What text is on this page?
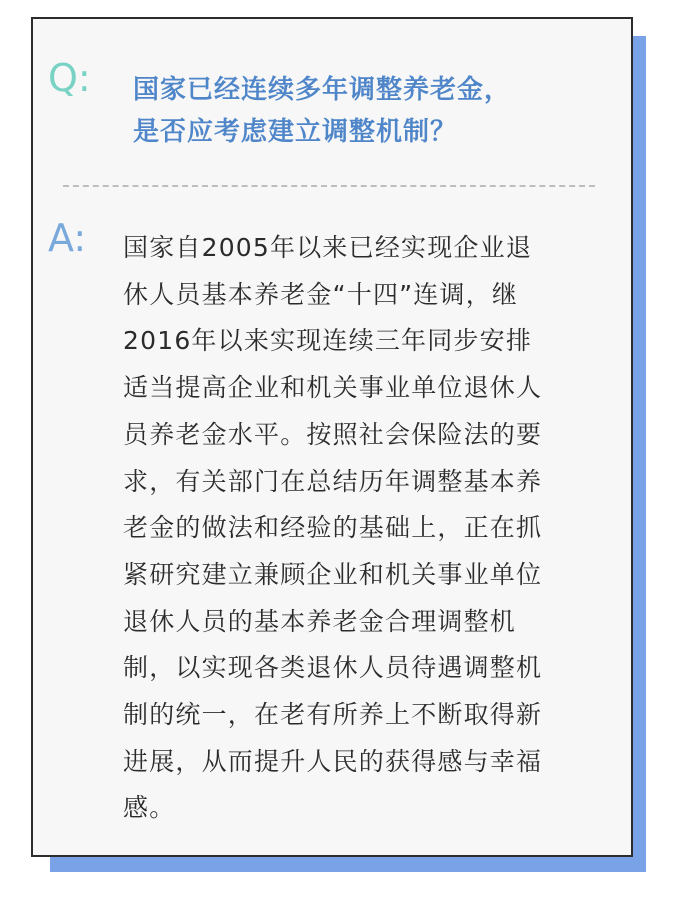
Q: 国家已经连续多年调整养老金，
是否应考虑建立调整机制？
A: 国家自2005年以来已经实现企业退
休人员基本养老金“十四”连调，继
2016年以来实现连续三年同步安排
适当提高企业和机关事业单位退休人
员养老金水平。按照社会保险法的要
求，有关部门在总结历年调整基本养
老金的做法和经验的基础上，正在抓
紧研究建立兼顾企业和机关事业单位
退休人员的基本养老金合理调整机
制，以实现各类退休人员待遇调整机
制的统一，在老有所养上不断取得新
进展，从而提升人民的获得感与幸福
感。
